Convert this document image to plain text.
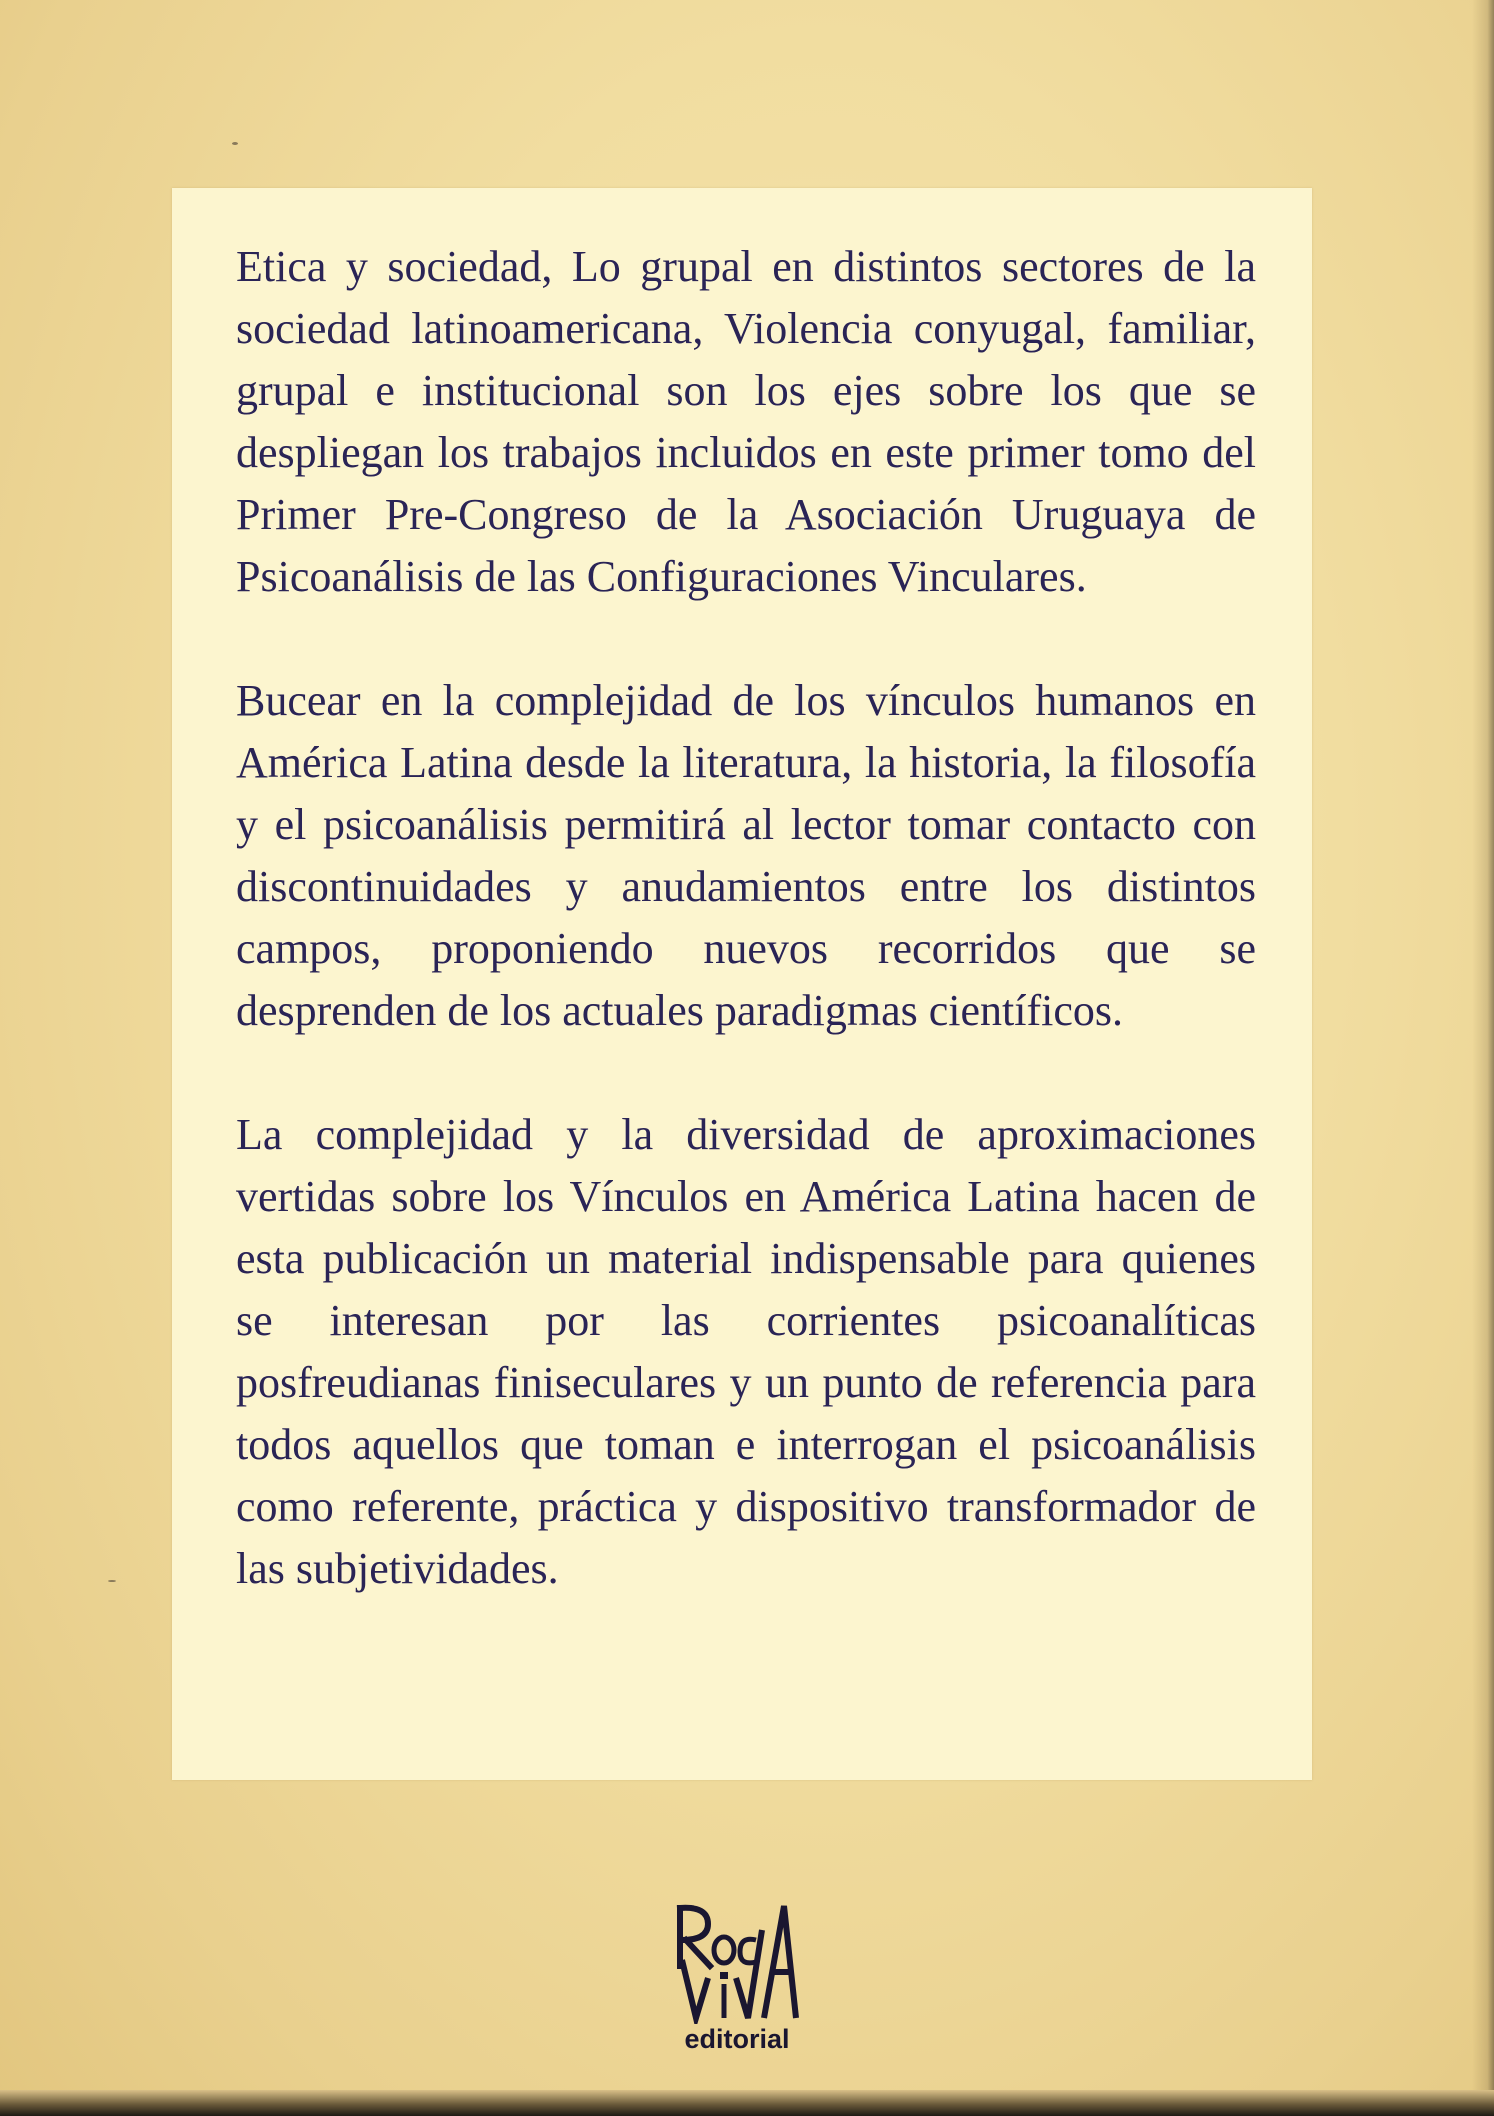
Etica y sociedad, Lo grupal en distintos sectores de la sociedad latinoamericana, Violencia conyugal, familiar, grupal e institucional son los ejes sobre los que se despliegan los trabajos incluidos en este primer tomo del Primer Pre-Congreso de la Asociación Uruguaya de Psicoanálisis de las Configuraciones Vinculares.

Bucear en la complejidad de los vínculos humanos en América Latina desde la literatura, la historia, la filosofía y el psicoanálisis permitirá al lector tomar contacto con discontinuidades y anudamientos entre los distintos campos, proponiendo nuevos recorridos que se desprenden de los actuales paradigmas científicos.

La complejidad y la diversidad de aproximaciones vertidas sobre los Vínculos en América Latina hacen de esta publicación un material indispensable para quienes se interesan por las corrientes psicoanalíticas posfreudianas finiseculares y un punto de referencia para todos aquellos que toman e interrogan el psicoanálisis como referente, práctica y dispositivo transformador de las subjetividades.

editorial
